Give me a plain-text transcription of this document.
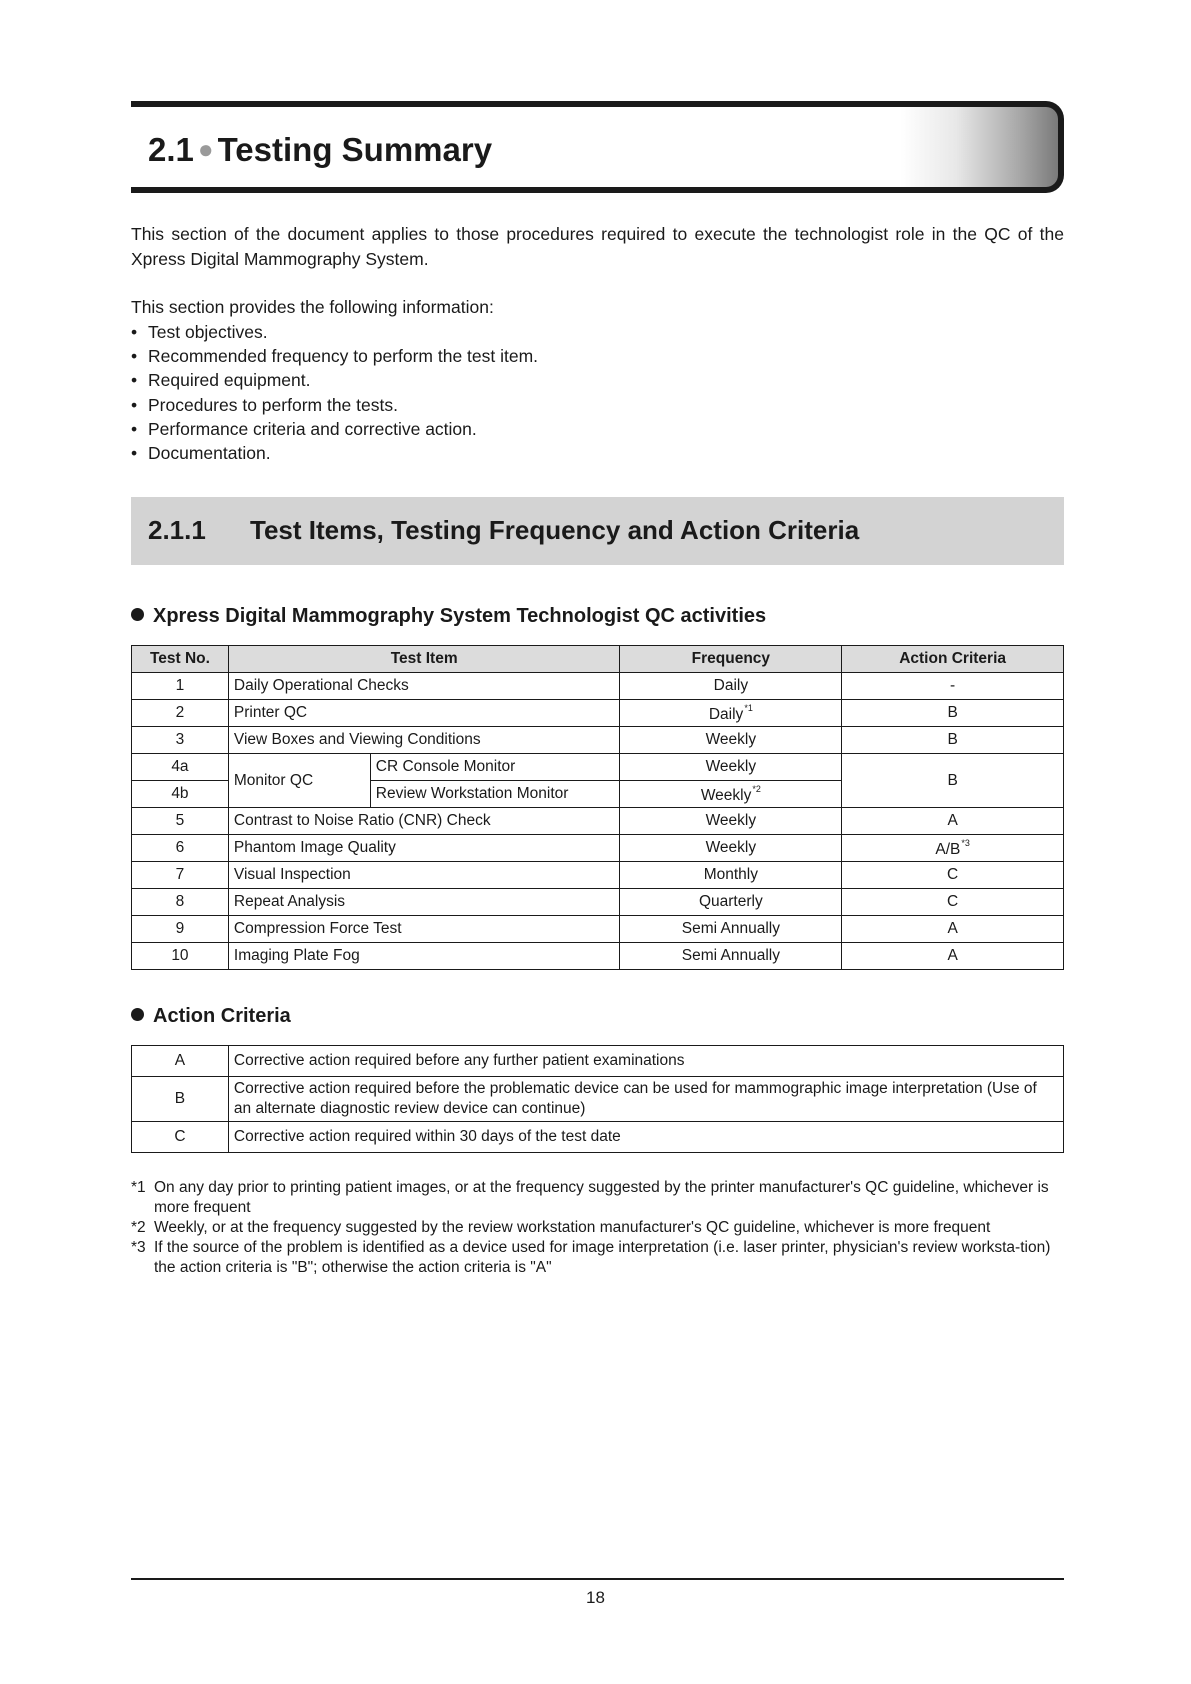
2.1 ● Testing Summary
This section of the document applies to those procedures required to execute the technologist role in the QC of the Xpress Digital Mammography System.
This section provides the following information:
• Test objectives.
• Recommended frequency to perform the test item.
• Required equipment.
• Procedures to perform the tests.
• Performance criteria and corrective action.
• Documentation.
2.1.1 Test Items, Testing Frequency and Action Criteria
Xpress Digital Mammography System Technologist QC activities
Test No.	Test Item		Frequency	Action Criteria
1	Daily Operational Checks		Daily	-
2	Printer QC		Daily$^{*1}$	B
3	View Boxes and Viewing Conditions		Weekly	B
4a	Monitor QC	CR Console Monitor	Weekly	B
4b		Review Workstation Monitor	Weekly$^{*2}$
5	Contrast to Noise Ratio (CNR) Check		Weekly	A
6	Phantom Image Quality		Weekly	$A/B^{*3}$
7	Visual Inspection		Monthly	C
8	Repeat Analysis		Quarterly	C
9	Compression Force Test		Semi Annually	A
10	Imaging Plate Fog		Semi Annually	A
Action Criteria
A	Corrective action required before any further patient examinations
B	Corrective action required before the problematic device can be used for mammographic image interpretation (Use of an alternate diagnostic review device can continue)
C	Corrective action required within 30 days of the test date
*1 On any day prior to printing patient images, or at the frequency suggested by the printer manufacturer's QC guideline, whichever is more frequent
*2 Weekly, or at the frequency suggested by the review workstation manufacturer's QC guideline, whichever is more frequent
*3 If the source of the problem is identified as a device used for image interpretation (i.e. laser printer, physician's review worksta-tion) the action criteria is "B"; otherwise the action criteria is "A"
18
